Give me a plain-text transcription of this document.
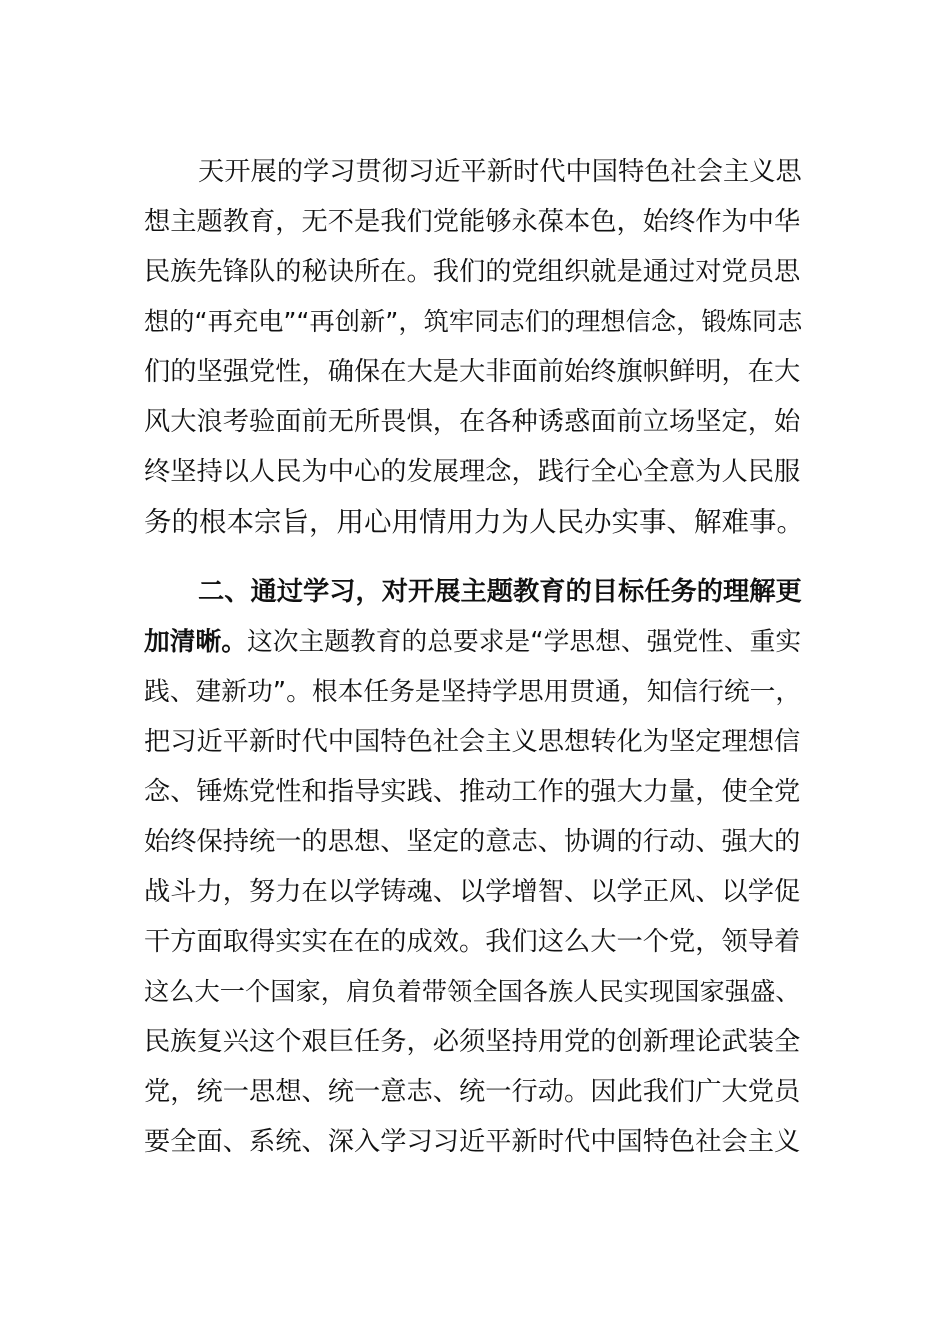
天开展的学习贯彻习近平新时代中国特色社会主义思
想主题教育，无不是我们党能够永葆本色，始终作为中华
民族先锋队的秘诀所在。我们的党组织就是通过对党员思
想的“再充电”“再创新”，筑牢同志们的理想信念，锻炼同志
们的坚强党性，确保在大是大非面前始终旗帜鲜明，在大
风大浪考验面前无所畏惧，在各种诱惑面前立场坚定，始
终坚持以人民为中心的发展理念，践行全心全意为人民服
务的根本宗旨，用心用情用力为人民办实事、解难事。
二、通过学习，对开展主题教育的目标任务的理解更
加清晰。这次主题教育的总要求是“学思想、强党性、重实
践、建新功”。根本任务是坚持学思用贯通，知信行统一，
把习近平新时代中国特色社会主义思想转化为坚定理想信
念、锤炼党性和指导实践、推动工作的强大力量，使全党
始终保持统一的思想、坚定的意志、协调的行动、强大的
战斗力，努力在以学铸魂、以学增智、以学正风、以学促
干方面取得实实在在的成效。我们这么大一个党，领导着
这么大一个国家，肩负着带领全国各族人民实现国家强盛、
民族复兴这个艰巨任务，必须坚持用党的创新理论武装全
党，统一思想、统一意志、统一行动。因此我们广大党员
要全面、系统、深入学习习近平新时代中国特色社会主义
